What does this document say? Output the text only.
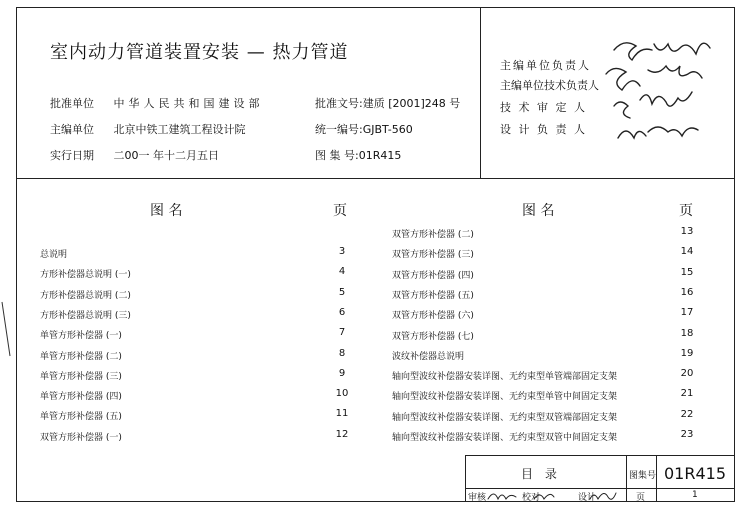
室内动力管道装置安装 — 热力管道
批准单位 中华人民共和国建设部
主编单位 北京中铁工建筑工程设计院
实行日期 二00一 年十二月五日
批准文号:建质 [2001]248 号
统一编号:GJBT-560
图 集 号:01R415
主编单位负责人
主编单位技术负责人
技 术 审 定 人
设 计 负 责 人
图 名	页	图 名	页
总说明	3
方形补偿器总说明 (一)	4
方形补偿器总说明 (二)	5
方形补偿器总说明 (三)	6
单管方形补偿器 (一)	7
单管方形补偿器 (二)	8
单管方形补偿器 (三)	9
单管方形补偿器 (四)	10
单管方形补偿器 (五)	11
双管方形补偿器 (一)	12
双管方形补偿器 (二)	13
双管方形补偿器 (三)	14
双管方形补偿器 (四)	15
双管方形补偿器 (五)	16
双管方形补偿器 (六)	17
双管方形补偿器 (七)	18
波纹补偿器总说明	19
轴向型波纹补偿器安装详图、无约束型单管端部固定支架	20
轴向型波纹补偿器安装详图、无约束型单管中间固定支架	21
轴向型波纹补偿器安装详图、无约束型双管端部固定支架	22
轴向型波纹补偿器安装详图、无约束型双管中间固定支架	23
目 录	图集号 01R415
审核	校对	设计	页	1
